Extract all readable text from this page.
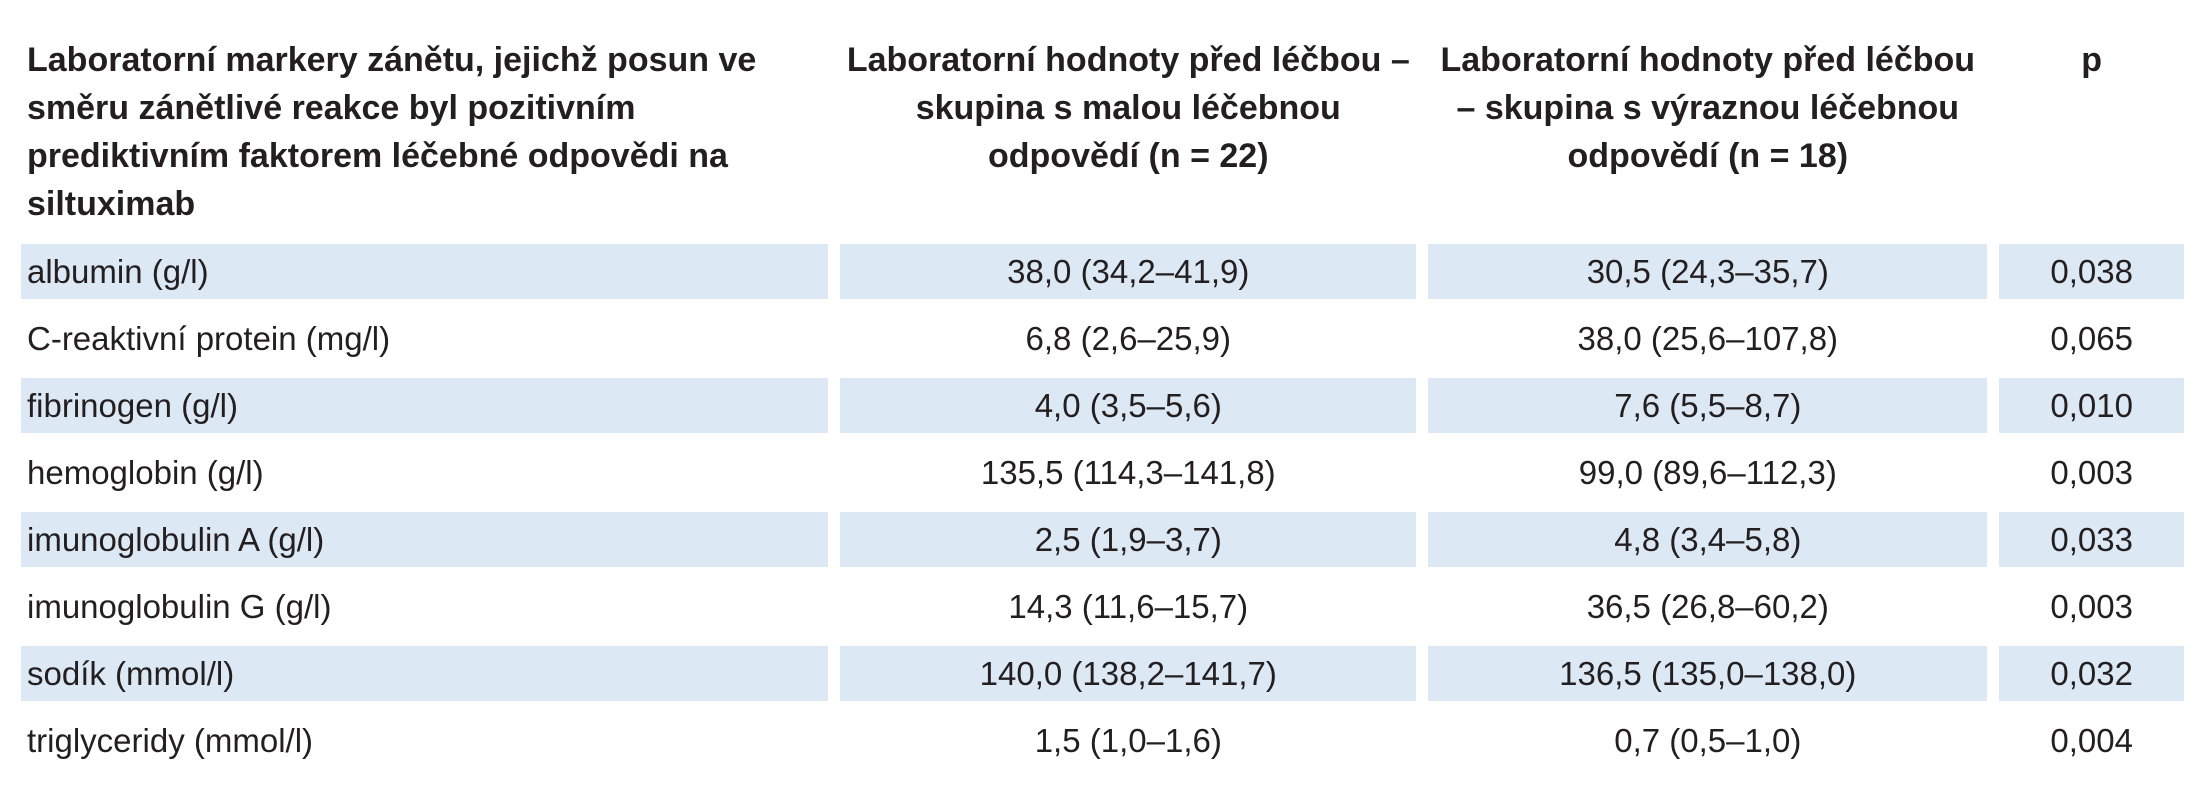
Laboratorní markery zánětu, jejichž posun ve směru zánětlivé reakce byl pozitivním prediktivním faktorem léčebné odpovědi na siltuximab	Laboratorní hodnoty před léčbou – skupina s malou léčebnou odpovědí (n = 22)	Laboratorní hodnoty před léčbou – skupina s výraznou léčebnou odpovědí (n = 18)	p
albumin (g/l)	38,0 (34,2–41,9)	30,5 (24,3–35,7)	0,038
C-reaktivní protein (mg/l)	6,8 (2,6–25,9)	38,0 (25,6–107,8)	0,065
fibrinogen (g/l)	4,0 (3,5–5,6)	7,6 (5,5–8,7)	0,010
hemoglobin (g/l)	135,5 (114,3–141,8)	99,0 (89,6–112,3)	0,003
imunoglobulin A (g/l)	2,5 (1,9–3,7)	4,8 (3,4–5,8)	0,033
imunoglobulin G (g/l)	14,3 (11,6–15,7)	36,5 (26,8–60,2)	0,003
sodík (mmol/l)	140,0 (138,2–141,7)	136,5 (135,0–138,0)	0,032
triglyceridy (mmol/l)	1,5 (1,0–1,6)	0,7 (0,5–1,0)	0,004
